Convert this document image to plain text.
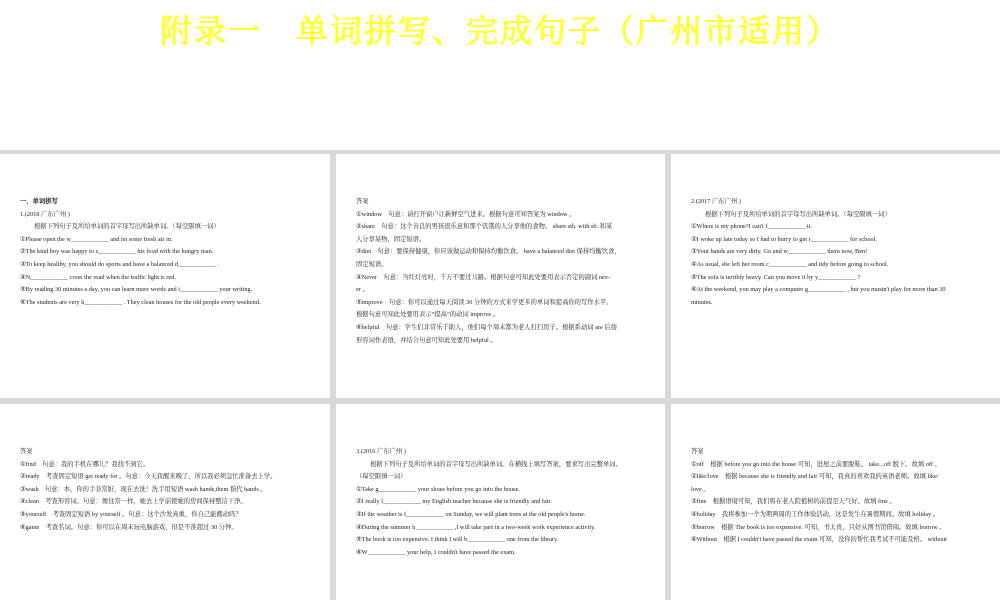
附录一　单词拼写、完成句子（广州市适用）
一、单词拼写
1.(2018 广东广州 )
根据下列句子及所给单词的首字母写出所缺单词。（每空限填一词）
①Please open the w____________ and let some fresh air in.
②The kind boy was happy to s____________ his food with the hungry man.
③To keep healthy, you should do sports and have a balanced d____________ .
④N____________ cross the road when the traffic light is red.
⑤By reading 30 minutes a day, you can learn more words and i____________ your writing.
⑥The students are very h____________ . They clean houses for the old people every weekend.
答案
①window　句意：请打开窗户让新鲜空气进来。根据句意可知答案为 window 。
②share　句意：这个善良的男孩很乐意和那个饥饿的人分享他的食物。 share sth. with sb. 和某
人分享某物，固定短语。
③diet　句意：要保持健康，你应该做运动和保持均衡饮食。 have a balanced diet 保持均衡饮食，
固定短语。
④Never　句意：当红灯亮时，千万不要过马路。根据句意可知此处要用表示否定的副词 nev-
er 。
⑤improve　句意：你可以通过每天阅读 30 分钟的方式来学更多的单词和提高你的写作水平。
根据句意可知此处要用表示“提高”的动词 improve 。
⑥helpful　句意：学生们非常乐于助人，他们每个周末都为老人打扫房子。根据系动词 are 后接
形容词作表语，并结合句意可知此处要用 helpful 。
2.(2017 广东广州 )
根据下列句子及所给单词的首字母写出所缺单词。（每空限填一词）
①Where is my phone?I can't f____________ it.
②I woke up late today so I had to hurry to get r____________ for school.
③Your hands are very dirty. Go and w____________ them now, Ben!
④As usual, she left her room c____________ and tidy before going to school.
⑤The sofa is terribly heavy. Can you move it by y____________ ?
⑥At the weekend, you may play a computer g____________ , but you mustn't play for more than 30
minutes.
答案
①find　句意：我的手机在哪儿？我找不到它。
②ready　考查固定短语 get ready for 。句意：今天我醒来晚了，所以我必须急忙准备去上学。
③wash　句意：本，你的手非常脏，现在去洗！洗手用短语 wash hands,them 指代 hands 。
④clean　考查形容词。句意：像往常一样，她去上学前使她的房间保持整洁干净。
⑤yourself　考查固定短语 by yourself 。句意：这个沙发真重，你自己能搬动吗？
⑥game　考查名词。句意：你可以在周末玩电脑游戏，但是不准超过 30 分钟。
3.(2016 广东广州 )
根据下列句子及所给单词的首字母写出所缺单词。在横线上填写答案，要求写出完整单词。
（每空限填一词）
①Take g____________ your shoes before you go into the house.
②I really l____________ my English teacher because she is friendly and fair.
③If the weather is f____________ on Sunday, we will plant trees at the old people's home.
④During the summer h____________ ,I will take part in a two-week work experience activity.
⑤The book is too expensive. I think I will b____________ one from the library.
⑥W____________ your help, I couldn't have passed the exam.
答案
①off　根据 before you go into the house 可知，进屋之前要脱鞋。 take...off 脱下。故填 off 。
②like/love　根据 because she is friendly and fair 可知，我真的喜欢我的英语老师。故填 like/
love 。
③fine　根据语境可知，我们将在老人院植树的前提是天气好。故填 fine 。
④holiday　我将参加一个为期两周的工作体验活动，这是发生在暑假期间。故填 holiday 。
⑤borrow　根据 The book is too expensive. 可知，书太贵，只好从图书馆借阅。故填 borrow 。
⑥Without　根据 I couldn't have passed the exam 可知，没你的帮忙我考试不可能及格。 without
